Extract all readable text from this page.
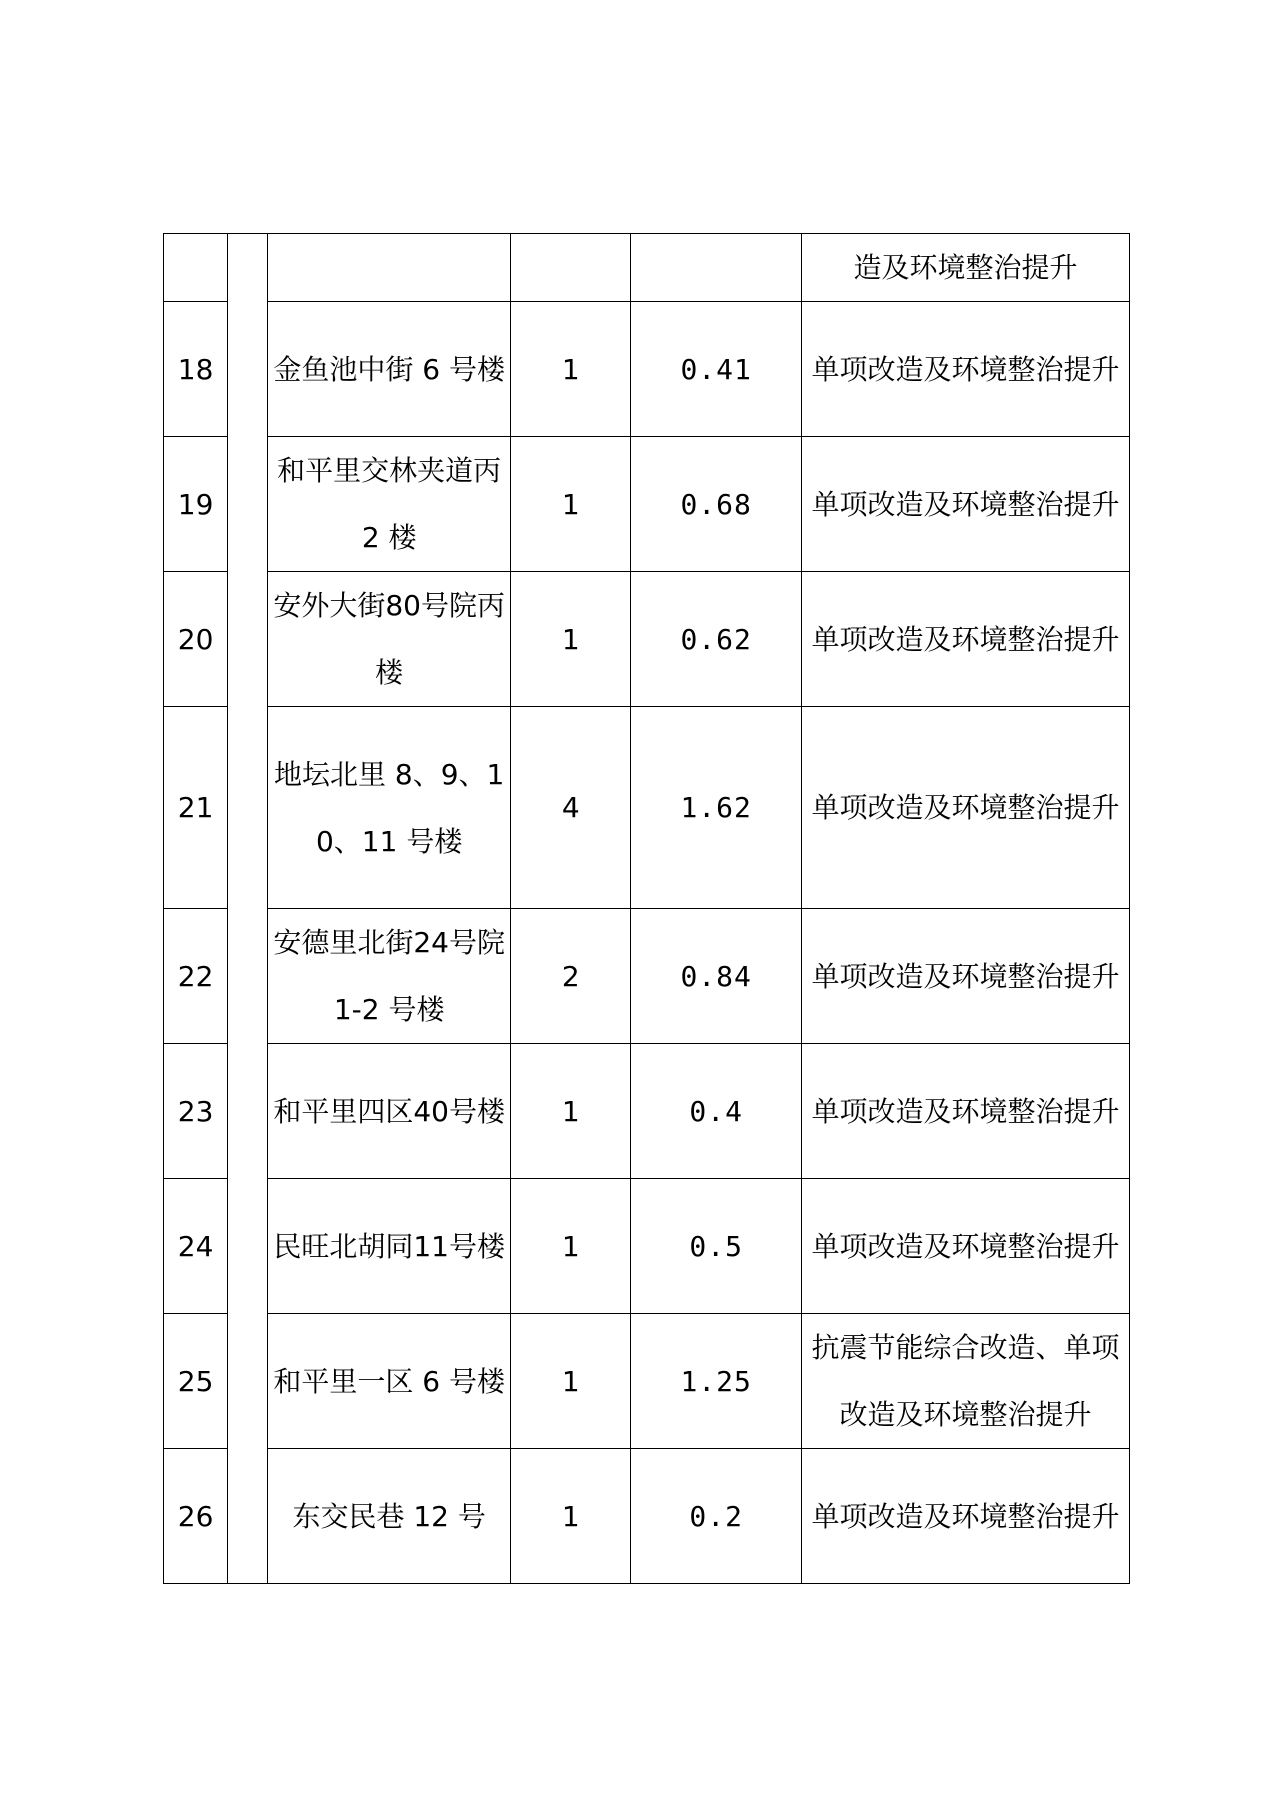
					造及环境整治提升
18		金鱼池中街 6 号楼	1	0.41	单项改造及环境整治提升
19		和平里交林夹道丙 2 楼	1	0.68	单项改造及环境整治提升
20		安外大街80号院丙楼	1	0.62	单项改造及环境整治提升
21		地坛北里 8、9、10、11 号楼	4	1.62	单项改造及环境整治提升
22		安德里北街24号院 1-2 号楼	2	0.84	单项改造及环境整治提升
23		和平里四区40号楼	1	0.4	单项改造及环境整治提升
24		民旺北胡同11号楼	1	0.5	单项改造及环境整治提升
25		和平里一区 6 号楼	1	1.25	抗震节能综合改造、单项改造及环境整治提升
26		东交民巷 12 号	1	0.2	单项改造及环境整治提升
